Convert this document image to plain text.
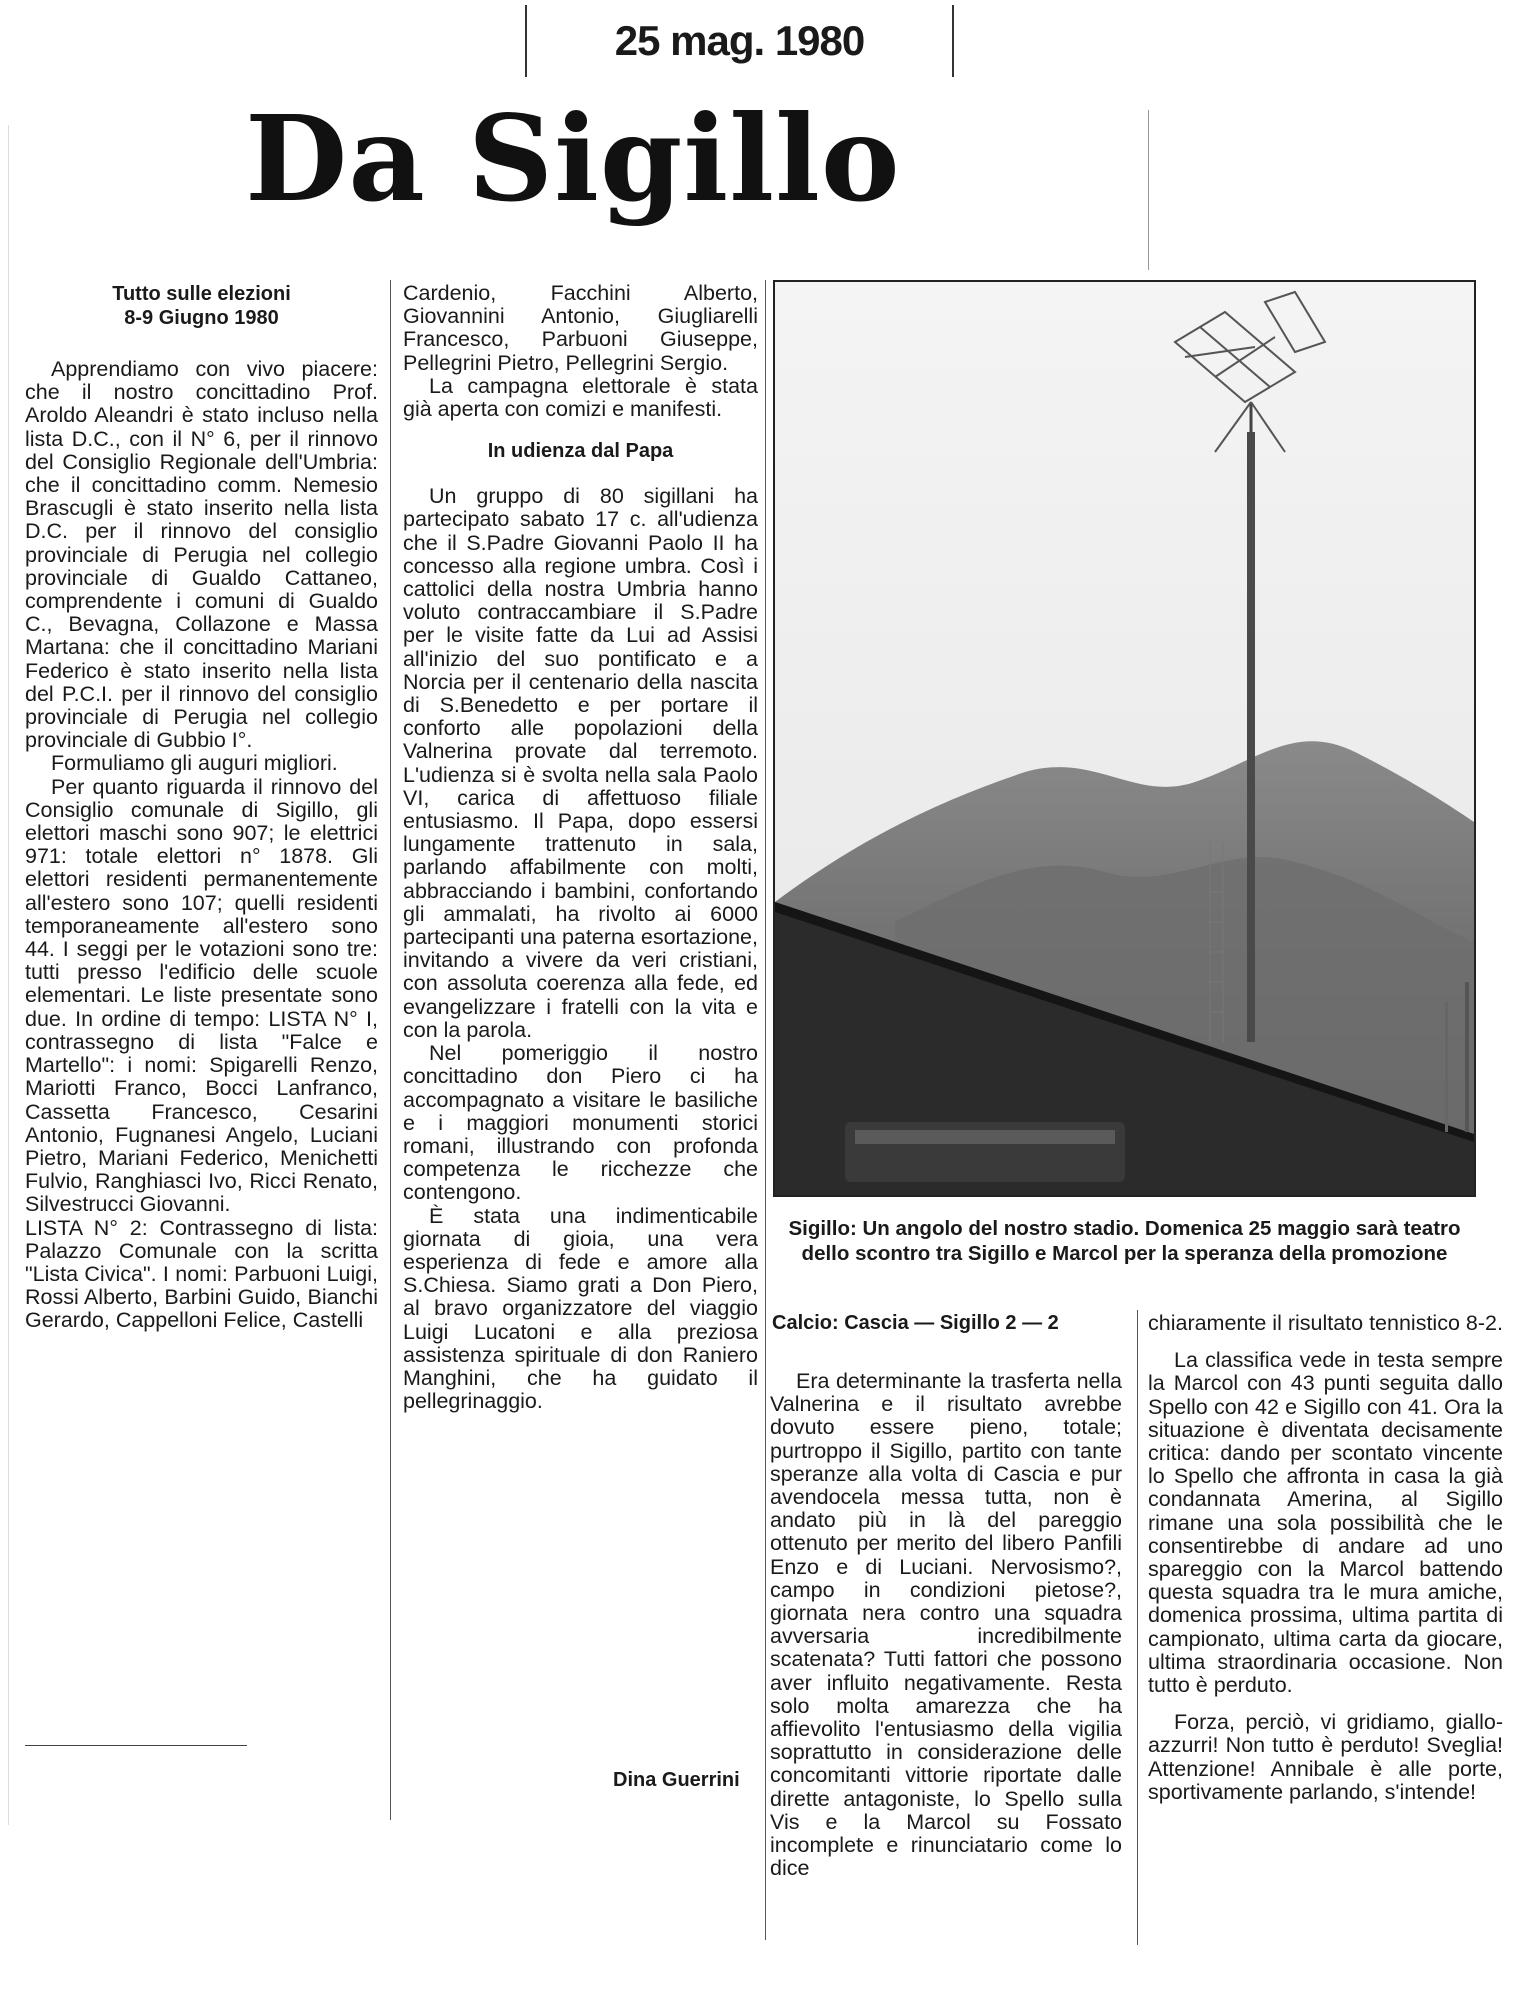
25 mag. 1980
Da Sigillo
Tutto sulle elezioni
8-9 Giugno 1980

Apprendiamo con vivo piacere: che il nostro concittadino Prof. Aroldo Aleandri è stato incluso nella lista D.C., con il N° 6, per il rinnovo del Consiglio Regionale dell'Umbria: che il concittadino comm. Nemesio Brascugli è stato inserito nella lista D.C. per il rinnovo del consiglio provinciale di Perugia nel collegio provinciale di Gualdo Cattaneo, comprendente i comuni di Gualdo C., Bevagna, Collazone e Massa Martana: che il concittadino Mariani Federico è stato inserito nella lista del P.C.I. per il rinnovo del consiglio provinciale di Perugia nel collegio provinciale di Gubbio I°.

Formuliamo gli auguri migliori.

Per quanto riguarda il rinnovo del Consiglio comunale di Sigillo, gli elettori maschi sono 907; le elettrici 971: totale elettori n° 1878. Gli elettori residenti permanentemente all'estero sono 107; quelli residenti temporaneamente all'estero sono 44. I seggi per le votazioni sono tre: tutti presso l'edificio delle scuole elementari. Le liste presentate sono due. In ordine di tempo: LISTA N° I, contrassegno di lista "Falce e Martello": i nomi: Spigarelli Renzo, Mariotti Franco, Bocci Lanfranco, Cassetta Francesco, Cesarini Antonio, Fugnanesi Angelo, Luciani Pietro, Mariani Federico, Menichetti Fulvio, Ranghiasci Ivo, Ricci Renato, Silvestrucci Giovanni.

LISTA N° 2: Contrassegno di lista: Palazzo Comunale con la scritta "Lista Civica". I nomi: Parbuoni Luigi, Rossi Alberto, Barbini Guido, Bianchi Gerardo, Cappelloni Felice, Castelli

Cardenio, Facchini Alberto, Giovannini Antonio, Giugliarelli Francesco, Parbuoni Giuseppe, Pellegrini Pietro, Pellegrini Sergio.

La campagna elettorale è stata già aperta con comizi e manifesti.

In udienza dal Papa

Un gruppo di 80 sigillani ha partecipato sabato 17 c. all'udienza che il S.Padre Giovanni Paolo II ha concesso alla regione umbra. Così i cattolici della nostra Umbria hanno voluto contraccambiare il S.Padre per le visite fatte da Lui ad Assisi all'inizio del suo pontificato e a Norcia per il centenario della nascita di S.Benedetto e per portare il conforto alle popolazioni della Valnerina provate dal terremoto. L'udienza si è svolta nella sala Paolo VI, carica di affettuoso filiale entusiasmo. Il Papa, dopo essersi lungamente trattenuto in sala, parlando affabilmente con molti, abbracciando i bambini, confortando gli ammalati, ha rivolto ai 6000 partecipanti una paterna esortazione, invitando a vivere da veri cristiani, con assoluta coerenza alla fede, ed evangelizzare i fratelli con la vita e con la parola.

Nel pomeriggio il nostro concittadino don Piero ci ha accompagnato a visitare le basiliche e i maggiori monumenti storici romani, illustrando con profonda competenza le ricchezze che contengono.

È stata una indimenticabile giornata di gioia, una vera esperienza di fede e amore alla S.Chiesa. Siamo grati a Don Piero, al bravo organizzatore del viaggio Luigi Lucatoni e alla preziosa assistenza spirituale di don Raniero Manghini, che ha guidato il pellegrinaggio.

Dina Guerrini
Sigillo: Un angolo del nostro stadio. Domenica 25 maggio sarà teatro dello scontro tra Sigillo e Marcol per la speranza della promozione
Calcio: Cascia — Sigillo 2 — 2

Era determinante la trasferta nella Valnerina e il risultato avrebbe dovuto essere pieno, totale; purtroppo il Sigillo, partito con tante speranze alla volta di Cascia e pur avendocela messa tutta, non è andato più in là del pareggio ottenuto per merito del libero Panfili Enzo e di Luciani. Nervosismo?, campo in condizioni pietose?, giornata nera contro una squadra avversaria incredibilmente scatenata? Tutti fattori che possono aver influito negativamente. Resta solo molta amarezza che ha affievolito l'entusiasmo della vigilia soprattutto in considerazione delle concomitanti vittorie riportate dalle dirette antagoniste, lo Spello sulla Vis e la Marcol su Fossato incomplete e rinunciatario come lo dice

chiaramente il risultato tennistico 8-2.

La classifica vede in testa sempre la Marcol con 43 punti seguita dallo Spello con 42 e Sigillo con 41. Ora la situazione è diventata decisamente critica: dando per scontato vincente lo Spello che affronta in casa la già condannata Amerina, al Sigillo rimane una sola possibilità che le consentirebbe di andare ad uno spareggio con la Marcol battendo questa squadra tra le mura amiche, domenica prossima, ultima partita di campionato, ultima carta da giocare, ultima straordinaria occasione. Non tutto è perduto.

Forza, perciò, vi gridiamo, giallo-azzurri! Non tutto è perduto! Sveglia! Attenzione! Annibale è alle porte, sportivamente parlando, s'intende!
